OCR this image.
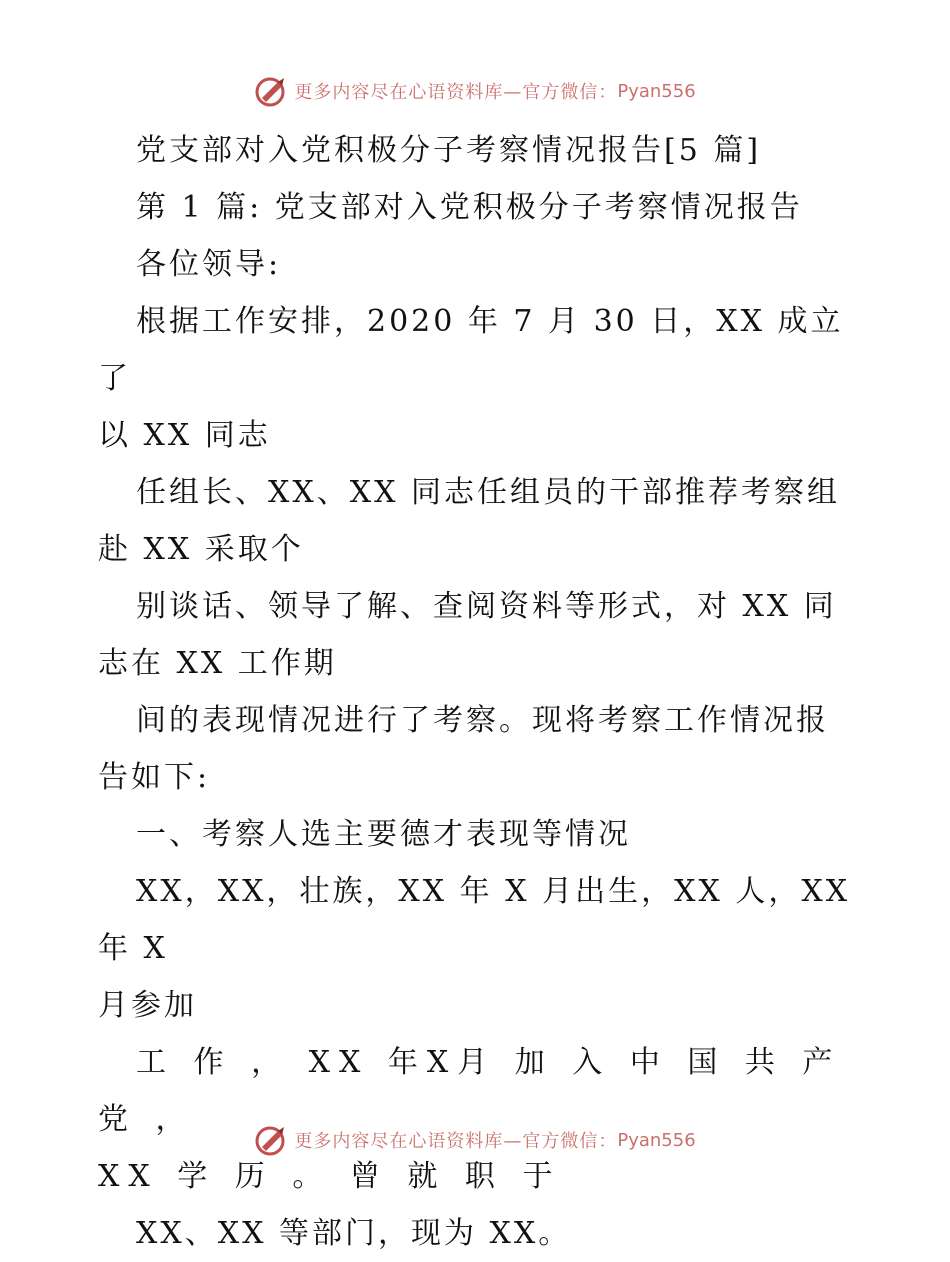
更多内容尽在心语资料库—官方微信： Pyan556
党支部对入党积极分子考察情况报告[5 篇]
第 1 篇: 党支部对入党积极分子考察情况报告
各位领导:
根据工作安排，2020 年 7 月 30 日，XX 成立了
以 XX 同志
任组长、XX、XX 同志任组员的干部推荐考察组
赴 XX 采取个
别谈话、领导了解、查阅资料等形式，对 XX 同
志在 XX 工作期
间的表现情况进行了考察。现将考察工作情况报
告如下:
一、考察人选主要德才表现等情况
XX，XX，壮族，XX 年 X 月出生，XX 人，XX 年 X
月参加
工 作 ， XX 年X月 加 入 中 国 共 产 党 ，
XX 学 历 。 曾 就 职 于
XX、XX 等部门，现为 XX。
更多内容尽在心语资料库—官方微信： Pyan556
